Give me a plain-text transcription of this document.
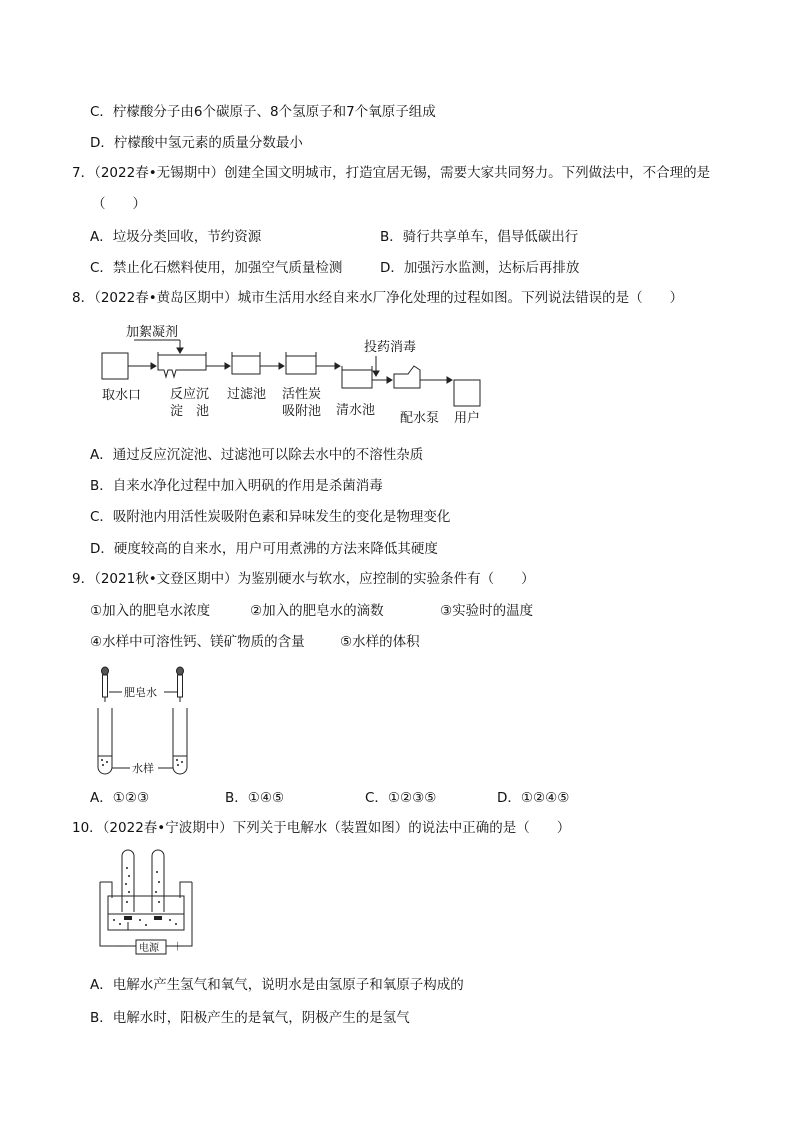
C．柠檬酸分子由6个碳原子、8个氢原子和7个氧原子组成
D．柠檬酸中氢元素的质量分数最小
7．（2022春•无锡期中）创建全国文明城市，打造宜居无锡，需要大家共同努力。下列做法中，不合理的是
（　　）
A．垃圾分类回收，节约资源	B．骑行共享单车，倡导低碳出行
C．禁止化石燃料使用，加强空气质量检测	D．加强污水监测，达标后再排放
8．（2022春•黄岛区期中）城市生活用水经自来水厂净化处理的过程如图。下列说法错误的是（　　）
加絮凝剂
投药消毒
取水口 反应沉
淀　池
过滤池 活性炭
吸附池 清水池
配水泵 用户
A．通过反应沉淀池、过滤池可以除去水中的不溶性杂质
B．自来水净化过程中加入明矾的作用是杀菌消毒
C．吸附池内用活性炭吸附色素和异味发生的变化是物理变化
D．硬度较高的自来水，用户可用煮沸的方法来降低其硬度
9．（2021秋•文登区期中）为鉴别硬水与软水，应控制的实验条件有（　　）
①加入的肥皂水浓度	②加入的肥皂水的滴数	③实验时的温度
④水样中可溶性钙、镁矿物质的含量	⑤水样的体积
肥皂水
水样
A．①②③	B．①④⑤	C．①②③⑤	D．①②④⑤
10．（2022春•宁波期中）下列关于电解水（装置如图）的说法中正确的是（　　）
电源
－	＋
A．电解水产生氢气和氧气，说明水是由氢原子和氧原子构成的
B．电解水时，阳极产生的是氧气，阴极产生的是氢气
